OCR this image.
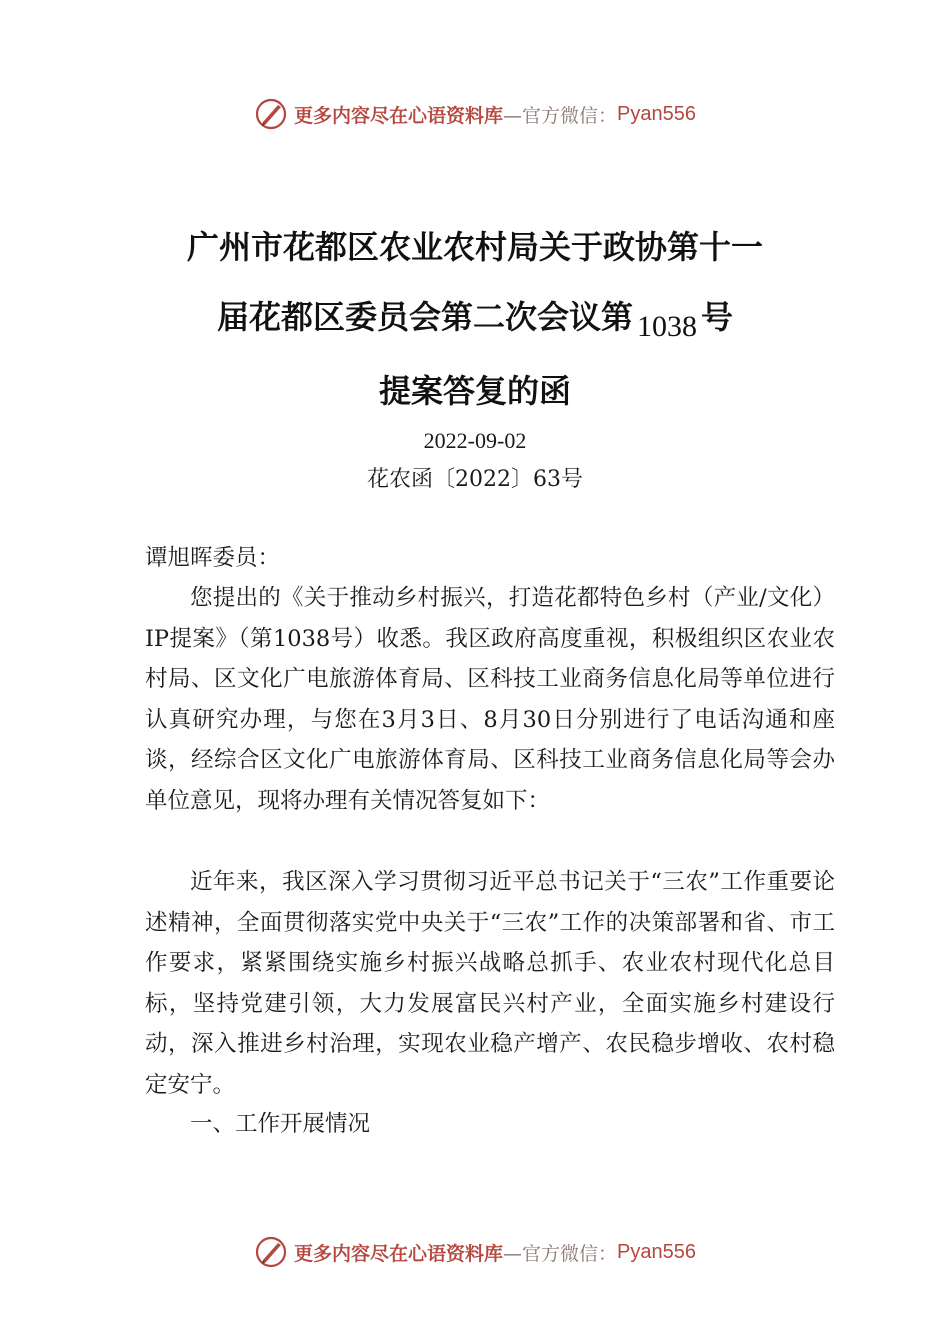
更多内容尽在心语资料库 —官方微信： Pyan556
广州市花都区农业农村局关于政协第十一
届花都区委员会第二次会议第 1038 号
提案答复的函
2022-09-02
花农函〔2022〕63号

谭旭晖委员：

您提出的《关于推动乡村振兴，打造花都特色乡村（产业/文化）IP提案》（第1038号）收悉。我区政府高度重视，积极组织区农业农村局、区文化广电旅游体育局、区科技工业商务信息化局等单位进行认真研究办理，与您在3月3日、8月30日分别进行了电话沟通和座谈，经综合区文化广电旅游体育局、区科技工业商务信息化局等会办单位意见，现将办理有关情况答复如下：

近年来，我区深入学习贯彻习近平总书记关于“三农”工作重要论述精神，全面贯彻落实党中央关于“三农”工作的决策部署和省、市工作要求，紧紧围绕实施乡村振兴战略总抓手、农业农村现代化总目标，坚持党建引领，大力发展富民兴村产业，全面实施乡村建设行动，深入推进乡村治理，实现农业稳产增产、农民稳步增收、农村稳定安宁。

一、工作开展情况

更多内容尽在心语资料库 —官方微信： Pyan556
